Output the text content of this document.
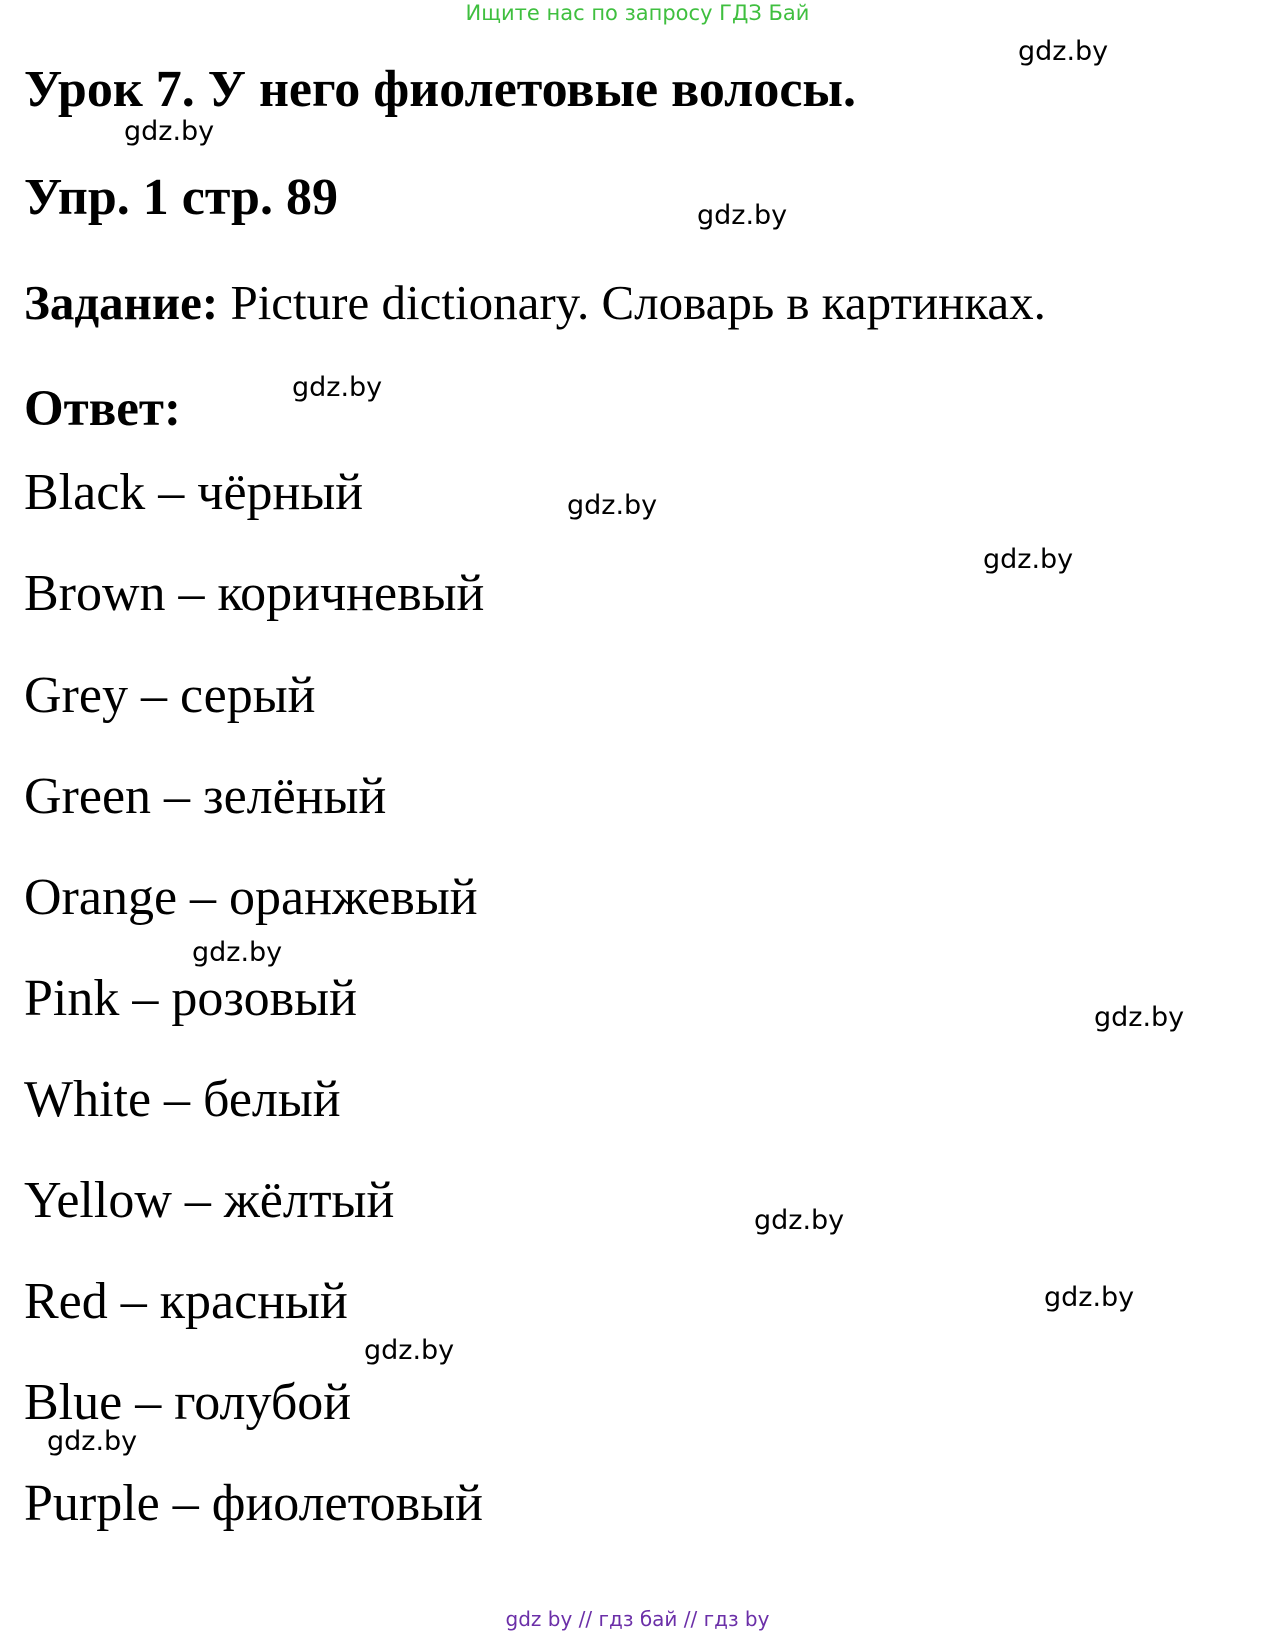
Ищите нас по запросу ГДЗ Бай
Урок 7. У него фиолетовые волосы.
Упр. 1 стр. 89
Задание: Picture dictionary. Словарь в картинках.
Ответ:
Black – чёрный
Brown – коричневый
Grey – серый
Green – зелёный
Orange – оранжевый
Pink – розовый
White – белый
Yellow – жёлтый
Red – красный
Blue – голубой
Purple – фиолетовый
gdz.by
gdz.by
gdz.by
gdz.by
gdz.by
gdz.by
gdz.by
gdz.by
gdz.by
gdz.by
gdz.by
gdz.by
gdz by // гдз бай // гдз by
